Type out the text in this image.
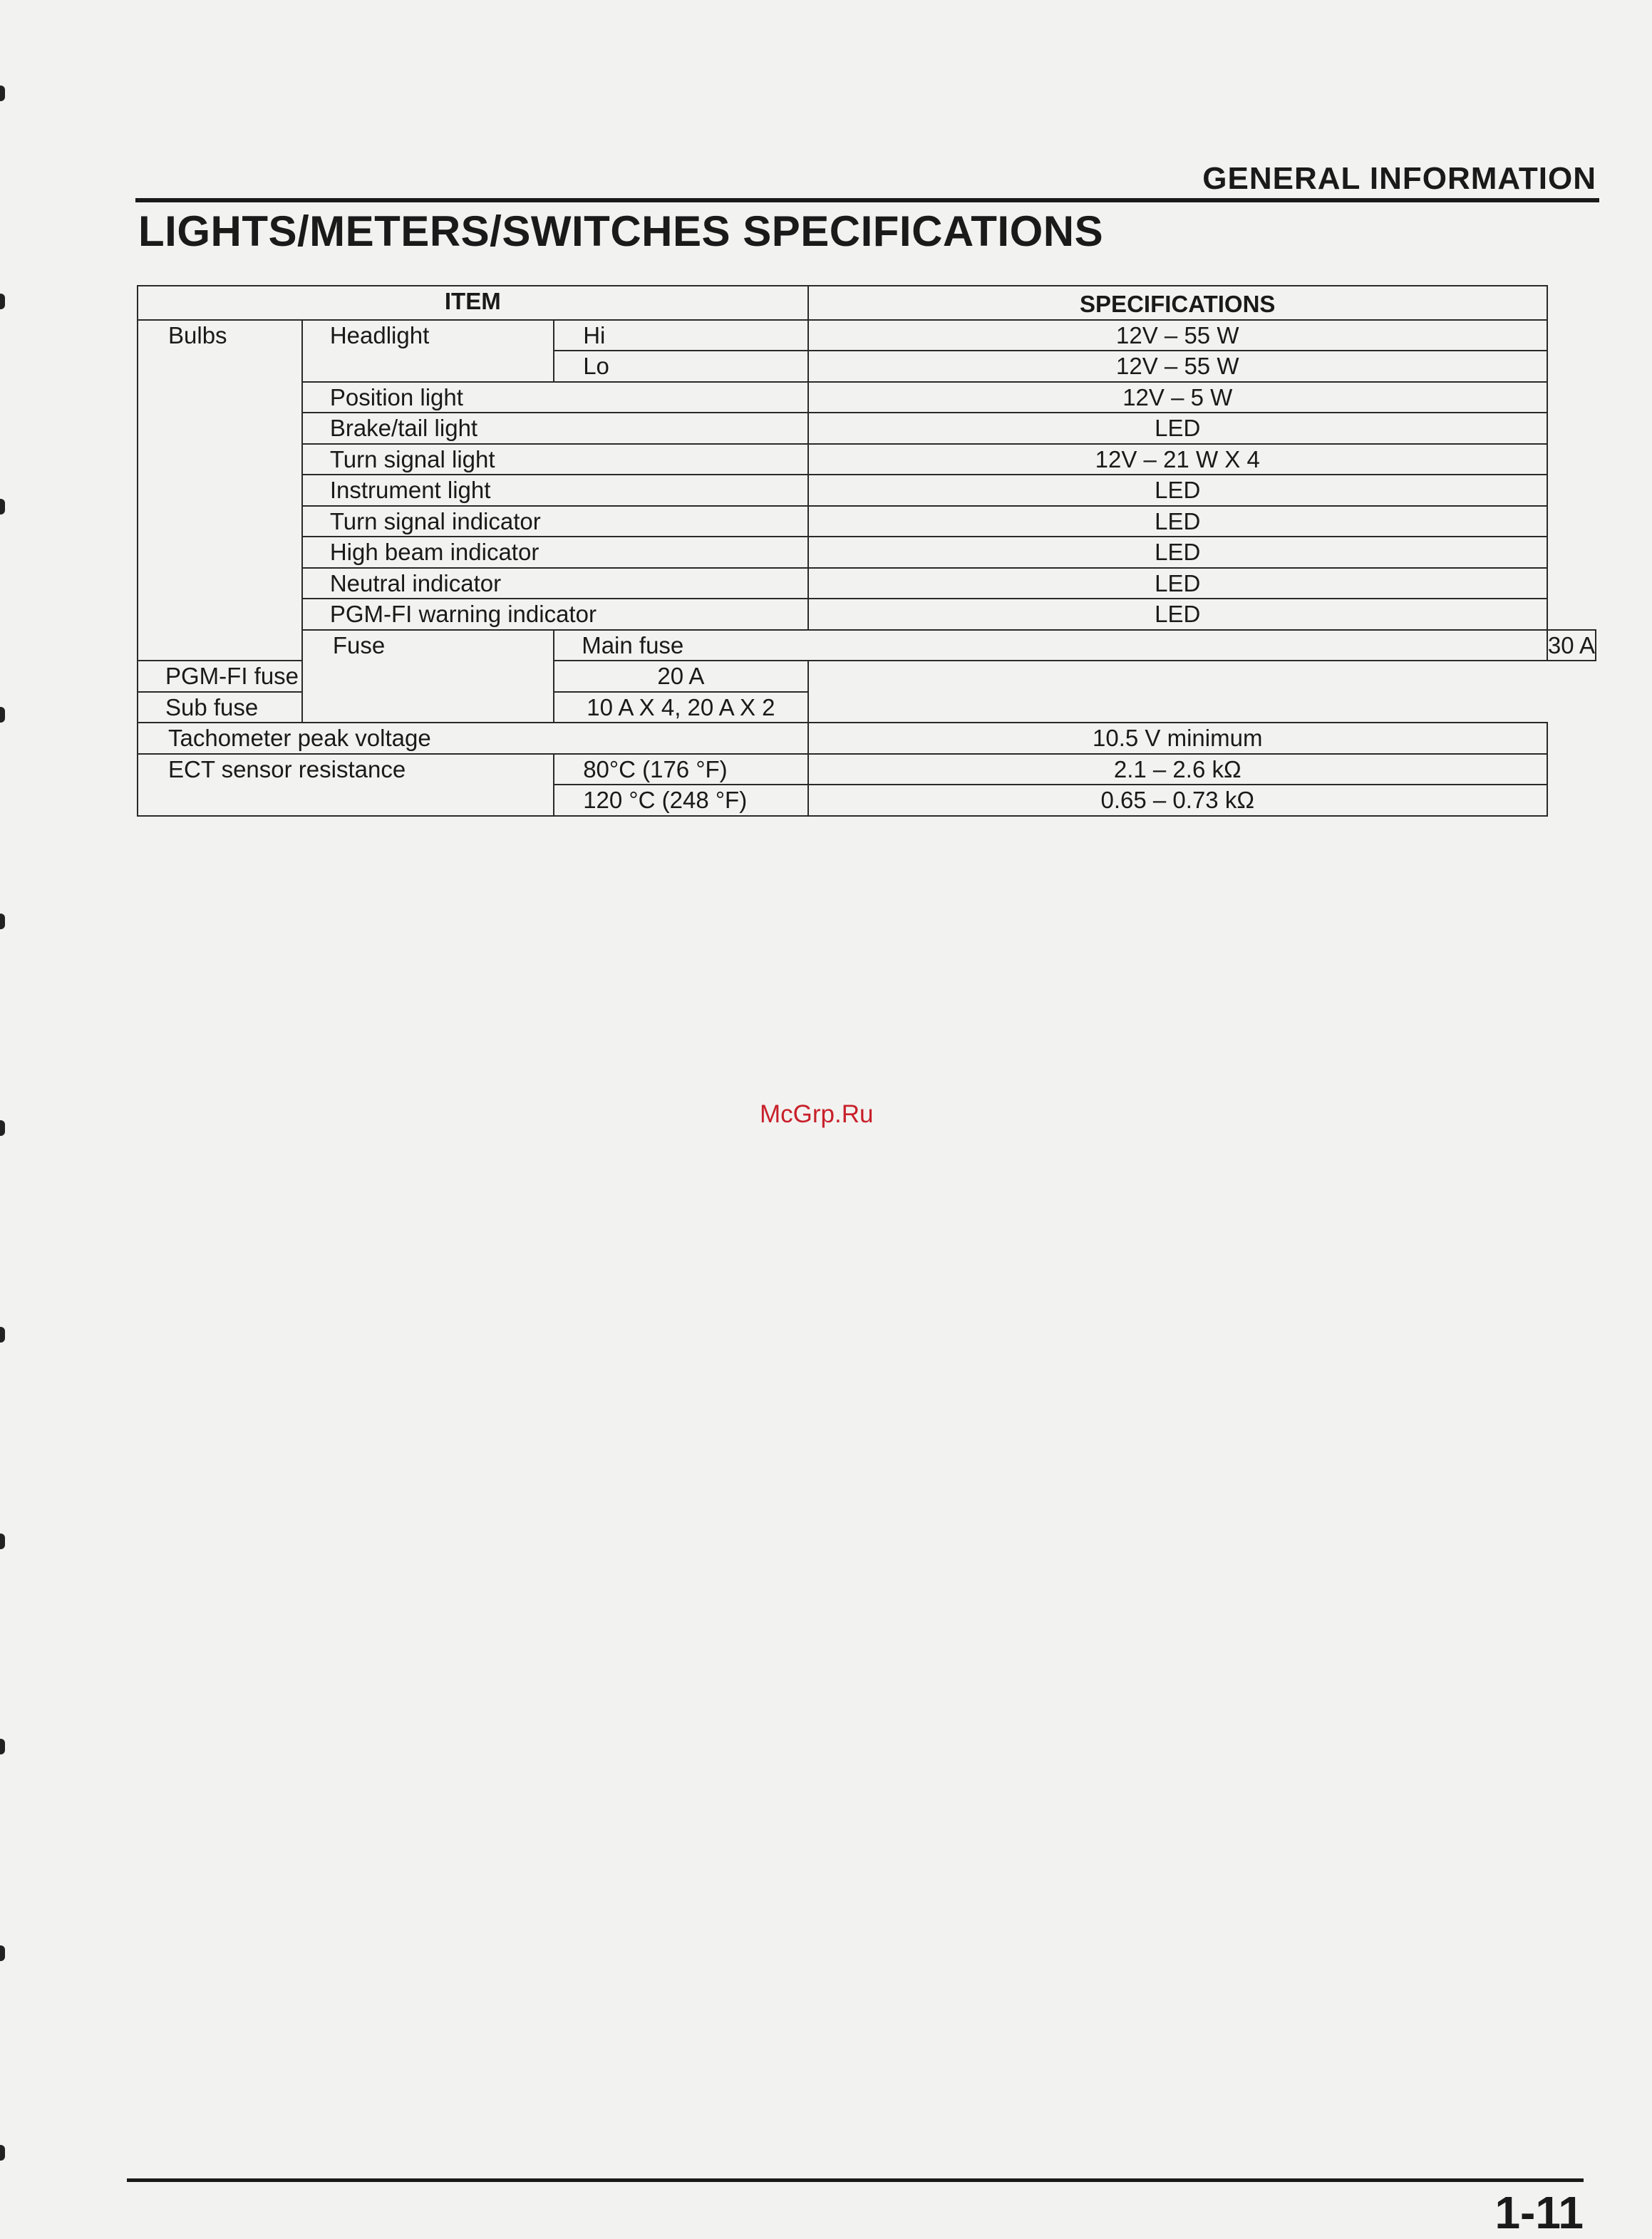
GENERAL INFORMATION
LIGHTS/METERS/SWITCHES SPECIFICATIONS
ITEM			SPECIFICATIONS	
Bulbs	Headlight	Hi	12V – 55 W	
		Lo	12V – 55 W	
	Position light		12V – 5 W	
	Brake/tail light		LED	
	Turn signal light		12V – 21 W X 4	
	Instrument light		LED	
	Turn signal indicator		LED	
	High beam indicator		LED	
	Neutral indicator		LED	
	PGM-FI warning indicator		LED	
	Fuse	Main fuse		30 A
PGM-FI fuse		20 A		
Sub fuse		10 A X 4, 20 A X 2		
Tachometer peak voltage			10.5 V minimum	
ECT sensor resistance		80°C (176 °F)	2.1 – 2.6 kΩ	
		120 °C (248 °F)	0.65 – 0.73 kΩ	
McGrp.Ru
1-11
